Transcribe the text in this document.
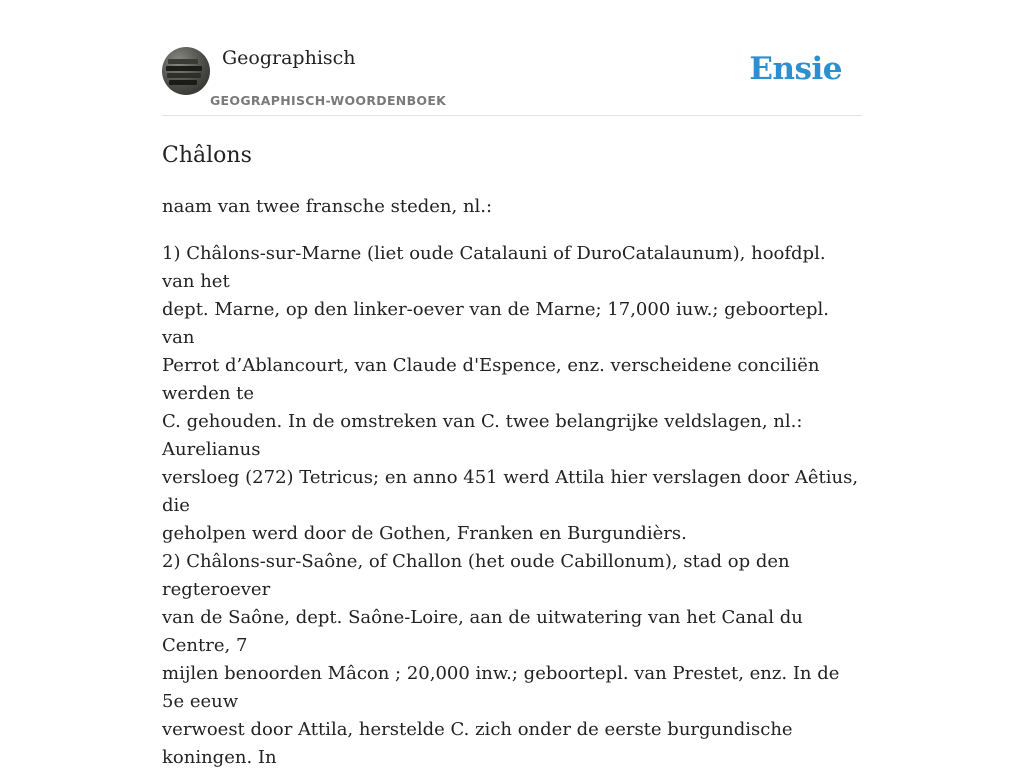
Geographisch
GEOGRAPHISCH-WOORDENBOEK
Ensie
Châlons

naam van twee fransche steden, nl.:

1) Châlons-sur-Marne (liet oude Catalauni of DuroCatalaunum), hoofdpl. van het
dept. Marne, op den linker-oever van de Marne; 17,000 iuw.; geboortepl. van
Perrot d’Ablancourt, van Claude d'Espence, enz. verscheidene conciliën werden te
C. gehouden. In de omstreken van C. twee belangrijke veldslagen, nl.: Aurelianus
versloeg (272) Tetricus; en anno 451 werd Attila hier verslagen door Aêtius, die
geholpen werd door de Gothen, Franken en Burgundièrs.
2) Châlons-sur-Saône, of Challon (het oude Cabillonum), stad op den regteroever
van de Saône, dept. Saône-Loire, aan de uitwatering van het Canal du Centre, 7
mijlen benoorden Mâcon ; 20,000 inw.; geboortepl. van Prestet, enz. In de 5e eeuw
verwoest door Attila, herstelde C. zich onder de eerste burgundische koningen. In
